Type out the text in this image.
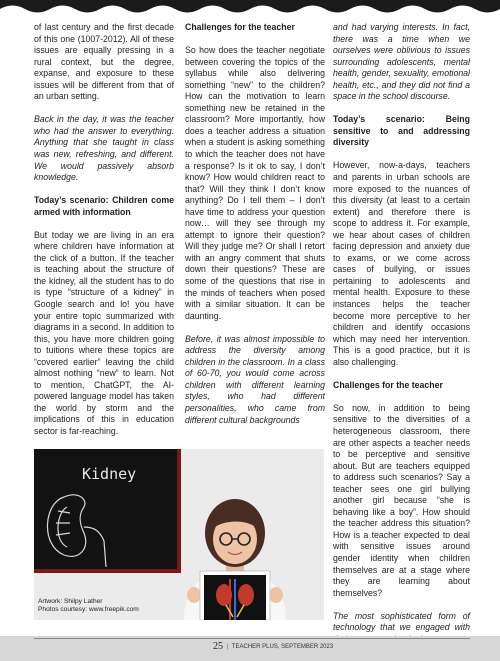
of last century and the first decade of this one (1007-2012). All of these issues are equally pressing in a rural context, but the degree, expanse, and exposure to these issues will be different from that of an urban setting.

Back in the day, it was the teacher who had the answer to everything. Anything that she taught in class was new, refreshing, and different. We would passively absorb knowledge.

Today’s scenario: Children come armed with information

But today we are living in an era where children have information at the click of a button. If the teacher is teaching about the structure of the kidney, all the student has to do is type “structure of a kidney” in Google search and lo! you have your entire topic summarized with diagrams in a second. In addition to this, you have more children going to tuitions where these topics are “covered earlier” leaving the child almost nothing “new” to learn. Not to mention, ChatGPT, the AI-powered language model has taken the world by storm and the implications of this in education sector is far-reaching.

Challenges for the teacher

So how does the teacher negotiate between covering the topics of the syllabus while also delivering something “new” to the children? How can the motivation to learn something new be retained in the classroom? More importantly, how does a teacher address a situation when a student is asking something to which the teacher does not have a response? Is it ok to say, I don’t know? How would children react to that? Will they think I don’t know anything? Do I tell them – I don’t have time to address your question now… will they see through my attempt to ignore their question? Will they judge me? Or shall I retort with an angry comment that shuts down their questions? These are some of the questions that rise in the minds of teachers when posed with a similar situation. It can be daunting.

Before, it was almost impossible to address the diversity among children in the classroom. In a class of 60-70, you would come across children with different learning styles, who had different personalities, who came from different cultural backgrounds

and had varying interests. In fact, there was a time when we ourselves were oblivious to issues surrounding adolescents, mental health, gender, sexuality, emotional health, etc., and they did not find a space in the school discourse.

Today’s scenario: Being sensitive to and addressing diversity

However, now-a-days, teachers and parents in urban schools are more exposed to the nuances of this diversity (at least to a certain extent) and therefore there is scope to address it. For example, we hear about cases of children facing depression and anxiety due to exams, or we come across cases of bullying, or issues pertaining to adolescents and mental health. Exposure to these instances helps the teacher become more perceptive to her children and identify occasions which may need her intervention. This is a good practice, but it is also challenging.

Challenges for the teacher

So now, in addition to being sensitive to the diversities of a heterogeneous classroom, there are other aspects a teacher needs to be perceptive and sensitive about. But are teachers equipped to address such scenarios? Say a teacher sees one girl bullying another girl because “she is behaving like a boy”. How should the teacher address this situation? How is a teacher expected to deal with sensitive issues around gender identity when children themselves are at a stage where they are learning about themselves?

The most sophisticated form of technology that we engaged with

Kidney
Artwork: Shilpy Lather
Photos courtesy: www.freepik.com
25 | TEACHER PLUS, SEPTEMBER 2023
